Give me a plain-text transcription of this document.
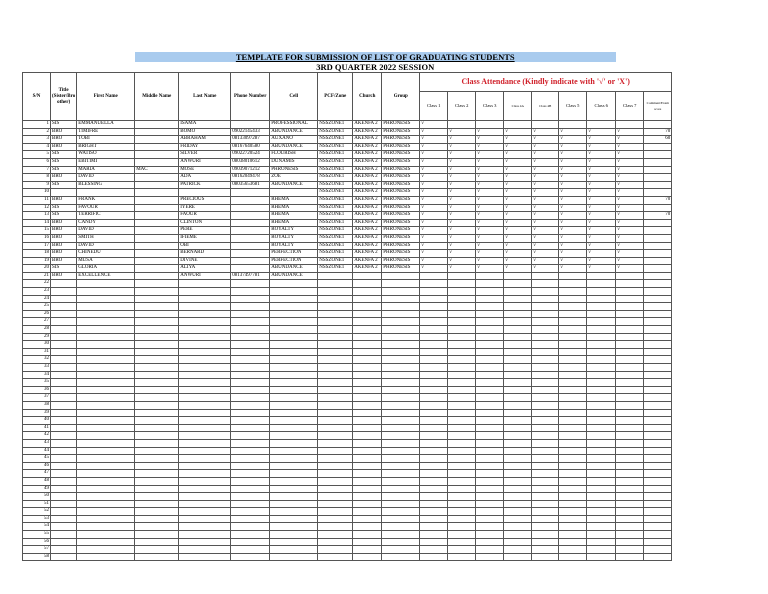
			TEMPLATE FOR SUBMISSION OF LIST OF GRADUATING STUDENTS															
			3RD QUARTER 2022 SESSION															
S/N	Title (Sister/Bro other)	First Name	Middle Name	Last Name	Phone Number	Cell	PCF/Zone	Church	Group	Class Attendance (Kindly indicate with '√' or 'X')								
										Class 1	Class 2	Class 3	Class 4A	Class 4B	Class 5	Class 6	Class 7	Comment/Exam score
1	SIS	EMMANUELLA		ISAMA		PROFESSIONAL	NSSZONE1	AKENFA 2	PHRONESIS	√								
2	BRO	TIMIFRE		BOMO	09022145433	ABUNDANCE	NSSZONE1	AKENFA 2	PHRONESIS	√	√	√	√	√	√	√	√	70
3	BRO	TOBI		ABRAHAM	08133097287	AUXANO	NSSZONE1	AKENFA 2	PHRONESIS	√	√	√	√	√	√	√	√	60
4	BRO	BRIGHT		FRIDAY	08167640580	ABUNDANCE	NSSZONE1	AKENFA 2	PHRONESIS	√	√	√	√	√	√	√	√	
5	SIS	WATISO		SILVER	09022720524	FLOURISH	NSSZONE1	AKENFA 2	PHRONESIS	√	√	√	√	√	√	√	√	
6	SIS	EBITIMI		ANWURI	08038010612	DUNAMIS	NSSZONE1	AKENFA 2	PHRONESIS	√	√	√	√	√	√	√	√	
7	SIS	MARIA	MAC	MOSE	09039071212	PHRONESIS	NSSZONE1	AKENFA 2	PHRONESIS	√	√	√	√	√	√	√	√	
8	BRO	DAVID		ADA	08162049478	ZOE	NSSZONE1	AKENFA 2	PHRONESIS	√	√	√	√	√	√	√	√	
9	SIS	BLESSING		PATRICK	08035653681	ABUNDANCE	NSSZONE1	AKENFA 2	PHRONESIS	√	√	√	√	√	√	√	√	
10							NSSZONE1	AKENFA 2	PHRONESIS	√	√	√	√	√	√	√	√	
11	BRO	FRANK		PRECIOUS		RHEMA	NSSZONE1	AKENFA 2	PHRONESIS	√	√	√	√	√	√	√	√	70
12	SIS	FAVOUR		IYERE		RHEMA	NSSZONE1	AKENFA 2	PHRONESIS	√	√	√	√	√	√	√	√	
13	SIS	TERRIFIC		FAOUR		RHEMA	NSSZONE1	AKENFA 2	PHRONESIS	√	√	√	√	√	√	√	√	70
14	BRO	CANDY		CLINTON		RHEMA	NSSZONE1	AKENFA 2	PHRONESIS	√	√	√	√	√	√	√	√	
15	BRO	DAVID		PERE		ROYALTY	NSSZONE1	AKENFA 2	PHRONESIS	√	√	√	√	√	√	√	√	
16	BRO	SMITH		IFIEME		ROYALTY	NSSZONE1	AKENFA 2	PHRONESIS	√	√	√	√	√	√	√	√	
17	BRO	DAVID		OBI		ROYALTY	NSSZONE1	AKENFA 2	PHRONESIS	√	√	√	√	√	√	√	√	
18	BRO	CHINEDU		BERNARD		PERFECTION	NSSZONE1	AKENFA 2	PHRONESIS	√	√	√	√	√	√	√	√	
19	BRO	MUSA		DIVINE		PERFECTION	NSSZONE1	AKENFA 2	PHRONESIS	√	√	√	√	√	√	√	√	
20	SIS	GLORIA		ALIYA		ABUNDANCE	NSSZONE1	AKENFA 2	PHRONESIS	√	√	√	√	√	√	√	√	
21	BRO	EXCELLENCE		ANWURI	08137497781	ABUNDANCE												
22																		
23																		
24																		
25																		
26																		
27																		
28																		
29																		
30																		
31																		
32																		
33																		
34																		
35																		
36																		
37																		
38																		
39																		
40																		
41																		
42																		
43																		
44																		
45																		
46																		
47																		
48																		
49																		
50																		
51																		
52																		
53																		
54																		
55																		
56																		
57																		
58																		
